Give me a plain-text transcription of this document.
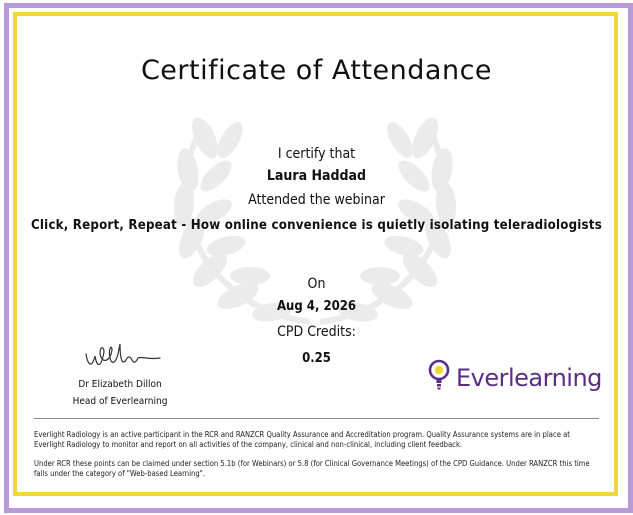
Certificate of Attendance
I certify that
Laura Haddad
Attended the webinar
Click, Report, Repeat - How online convenience is quietly isolating teleradiologists
On
Aug 4, 2026
CPD Credits:
0.25
Dr Elizabeth Dillon
Head of Everlearning
Everlearning
Everlight Radiology is an active participant in the RCR and RANZCR Quality Assurance and Accreditation program. Quality Assurance systems are in place at Everlight Radiology to monitor and report on all activities of the company, clinical and non-clinical, including client feedback.
Under RCR these points can be claimed under section 5.1b (for Webinars) or 5.8 (for Clinical Governance Meetings) of the CPD Guidance. Under RANZCR this time falls under the category of "Web-based Learning".
